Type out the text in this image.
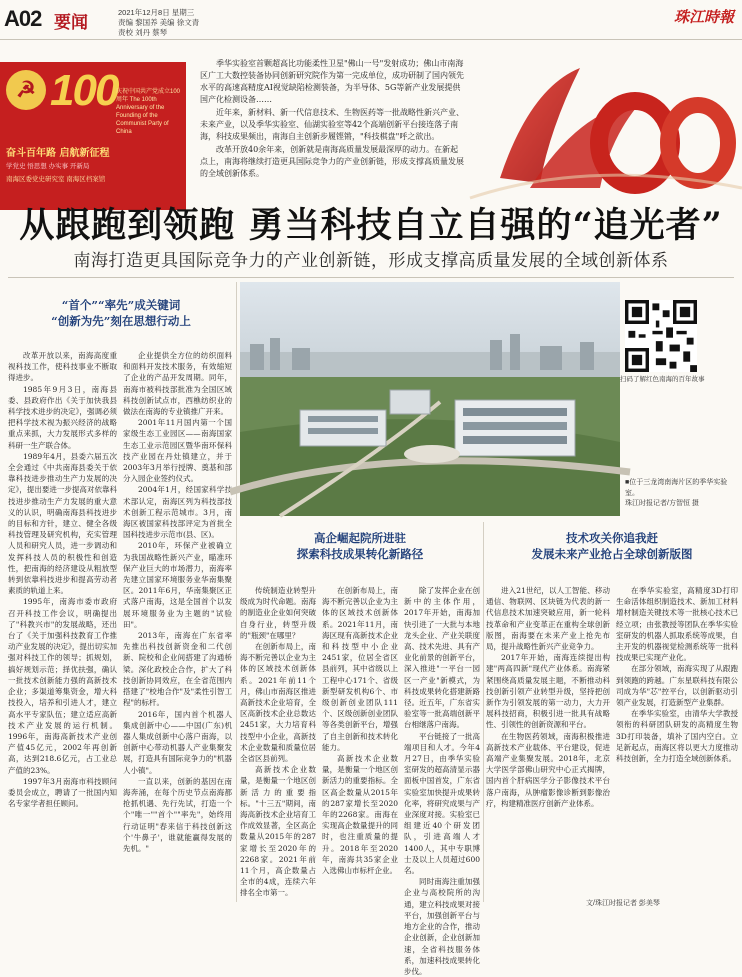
A02 要闻
2021年12月8日 星期三
责编 黎国养 美编 徐文青
责校 刘丹 蔡琴
珠江時報
☭ 100
庆祝中国共产党成立100周年 The 100th Anniversary of the Founding of the Communist Party of China
奋斗百年路 启航新征程
学党史 悟思想 办实事 开新局
南海区委党史研究室 南海区档案馆

季华实验室首颗超高比功能柔性卫星"佛山一号"发射成功；佛山市南海区广工大数控装备协同创新研究院作为第一完成单位，成功研制了国内领先水平的高速高精度AI视觉缺陷检测装备，为半导体、5G等新产业发展提供国产化检测设备……

近年来，新材料、新一代信息技术、生物医药等一批战略性新兴产业、未来产业，以及季华实验室、仙湖实验室等42个高端创新平台接连落子南海，科技成果频出，南海自主创新步履铿锵，"科技棋盘"呼之欲出。

改革开放40余年来，创新就是南海高质量发展最深厚的动力。在新起点上，南海将继续打造更具国际竞争力的产业创新链，形成支撑高质量发展的全域创新体系。

从跟跑到领跑 勇当科技自立自强的“追光者”
南海打造更具国际竞争力的产业创新链，形成支撑高质量发展的全域创新体系
“首个”“率先”成关键词
“创新为先”刻在思想行动上

改革开放以来，南海高度重视科技工作，使科技事业不断取得进步。

1985年9月3日，南海县委、县政府作出《关于加快我县科学技术进步的决定》，强调必须把科学技术视为振兴经济的战略重点来抓，大力发展形式多样的科研一生产联合体。

1989年4月，县委六届五次全会通过《中共南海县委关于依靠科技进步推动生产力发展的决定》，提出要进一步提高对依靠科技进步推动生产力发展的重大意义的认识，明确南海县科技进步的目标和方针，建立、健全各级科技管理及研究机构，充实管理人员和研究人员，进一步调动和发挥科技人员的积极性和创造性，把南海的经济建设从粗放型转到依靠科技进步和提高劳动者素质的轨道上来。

1995年，南海市委市政府召开科技工作会议，明确提出了"科教兴市"的发展战略，还出台了《关于加强科技教育工作推动产业发展的决定》，提出切实加强对科技工作的领导；抓规划，搞好规划示范；择优扶强，确认一批技术创新能力强的高新技术企业；多渠道筹集资金，增大科技投入，培养和引进人才，建立高水平专家队伍；建立适应高新技术产业发展的运行机制。1996年，南海高新技术产业创产值45亿元，2002年再创新高，达到218.6亿元，占工业总产值的23%。

1997年3月南海市科技顾问委员会成立，聘请了一批国内知名专家学者担任顾问。

企业提供全方位的纺织面料和面料开发技术服务，有效缩短了企业的产品开发周期。同年，南海市被科技部批准为全国区域科技创新试点市，西樵纺织业的做法在南海的专业镇推广开来。

2001年11月国内第一个国家级生态工业园区——南海国家生态工业示范园区暨华南环保科技产业园在丹灶镇建立，并于2003年3月举行授牌、奠基和部分入园企业签约仪式。

2004年1月，经国家科学技术部认定，南海区列为科技部技术创新工程示范城市。3月，南海区被国家科技部评定为首批全国科技进步示范市(县、区)。

2010年，环保产业被确立为我国战略性新兴产业，瞄准环保产业巨大的市场潜力，南海率先建立国家环境服务业华南集聚区。2011年6月，华南集聚区正式落户南海，这是全国首个以发展环境服务业为主题的"试验田"。

2013年，南海在广东省率先推出科技创新资金和二代创新、院校和企业间搭建了沟通桥梁。深化政校企合作，扩大了科技创新协同效应，在全省范围内搭建了"校地合作"及"柔性引智工程"的标杆。

2016年，国内首个机器人集成创新中心——中国(广东)机器人集成创新中心落户南海，以创新中心带动机器人产业集聚发展，打造具有国际竞争力的"机器人小镇"。

一直以来，创新的基因在南海奔涌，在每个历史节点南海都抢抓机遇、先行先试，打造一个个"唯一""首个""率先"，始终用行动证明"春来信于科技创新这个'牛鼻子'，谁就能赢得发展的先机。"

扫码了解红色南海的百年故事
■位于三龙湾南海片区的季华实验室。
珠江时报记者/方智恒 摄
高企崛起院所进驻
探索科技成果转化新路径

传统制造业转型升级成为时代命题。南海的制造业企业如何突破自身行业，转型升级的"瓶颈"在哪里？

在创新布局上，南海不断完善以企业为主体的区域技术创新体系。2021年前11个月，佛山市南海区推进高新技术企业培育，全区高新技术企业总数达2451家，大力培育科技型中小企业，高新技术企业数量和质量位居全省区县前列。

高新技术企业数量，是衡量一个地区创新活力的重要指标。"十三五"期间，南海高新技术企业培育工作成效显著，全区高企数量从2015年的287家增长至2020年的2268家。2021年前11个月，高企数量占全市的4成，连续六年排名全市第一。

在创新布局上，南海不断完善以企业为主体的区域技术创新体系。2021年11月，南海区现有高新技术企业和科技型中小企业2451家，位居全省区县前列，其中省级以上工程中心171个、省级新型研发机构6个、市级创新创业团队111个、区级创新创业团队等各类创新平台，增强了自主创新和技术转化能力。

高新技术企业数量，是衡量一个地区创新活力的重要指标。全区高企数量从2015年的287家增长至2020年的2268家。南海在实现高企数量提升的同时，也注重质量的提升。2018年至2020年，南海共35家企业入选佛山市标杆企业。

除了发挥企业在创新中的主体作用，2017年开始，南海加快引进了一大批与本地龙头企业、产业关联度高、技术先进、具有产业化前景的创新平台，深入推进"一平台一园区一产业"新模式，为科技成果转化搭建新路径。近五年，广东省实验室等一批高端创新平台相继落户南海。

平台链接了一批高端项目和人才。今年4月27日，由季华实验室研发的超高清显示器面板中国首发，广东省实验室加快提升成果转化率，将研究成果与产业深度对接。实验室已组建近40个研发团队，引进高端人才1400人，其中专职博士及以上人员超过600名。

同时南海注重加强企业与高校院所的沟通，建立科技成果对接平台，加强创新平台与地方企业的合作，推动企业创新，企业创新加速，全省科技服务体系，加速科技成果转化步伐。

技术攻关你追我赶
发展未来产业抢占全球创新版图

进入21世纪，以人工智能、移动通信、物联网、区块链为代表的新一代信息技术加速突破应用，新一轮科技革命和产业变革正在重构全球创新版图，南海要在未来产业上抢先布局，提升战略性新兴产业竞争力。

2017年开始，南海连续提出构建"两高四新"现代产业体系。南海紧紧围绕高质量发展主题，不断推动科技创新引领产业转型升级，坚持把创新作为引领发展的第一动力，大力开展科技招商，积极引进一批具有战略性、引领性的创新资源和平台。

在生物医药领域，南海积极推进高新技术产业载体、平台建设，促进高端产业集聚发展。2018年，北京大学医学部佛山研究中心正式揭牌，国内首个肝病医学分子影像技术平台落户南海，从肿瘤影像诊断到影像治疗，构建精准医疗创新产业体系。

在季华实验室，高精度3D打印生命活体组织制造技术、新加工材料增材制造关键技术等一批核心技术已经立项；由张教授等团队在季华实验室研发的机器人抓取系统等成果，自主开发的机器视觉检测系统等一批科技成果已实现产业化。

在部分领域，南海实现了从跟跑到领跑的跨越。广东星联科技有限公司成为华"芯"控平台，以创新驱动引领产业发展，打造新型产业集群。

在季华实验室，由清华大学教授领衔的科研团队研发的高精度生物3D打印装备，填补了国内空白。立足新起点，南海区将以更大力度推动科技创新，全力打造全域创新体系。

文/珠江时报记者 彭美琴
